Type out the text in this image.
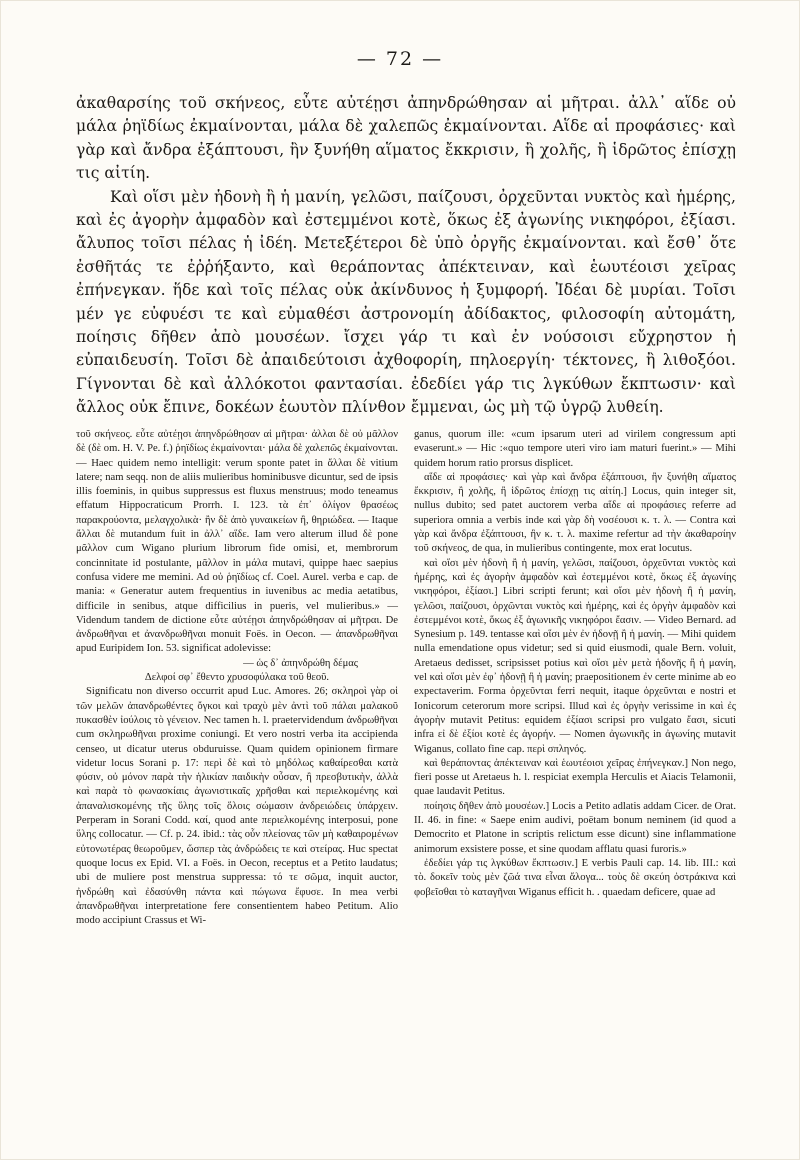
— 72 —

ἀκαθαρσίης τοῦ σκήνεος, εὖτε αὐτέῃσι ἀπηνδρώθησαν αἱ μῆτραι. ἀλλ᾽ αἵδε οὐ μάλα ῥηϊδίως ἐκμαίνονται, μάλα δὲ χαλεπῶς ἐκμαίνονται. Αἵδε αἱ προφάσιες· καὶ γὰρ καὶ ἄνδρα ἐξάπτουσι, ἢν ξυνήθη αἵματος ἔκκρισιν, ἢ χολῆς, ἢ ἱδρῶτος ἐπίσχῃ τις αἰτίη.

Καὶ οἵσι μὲν ἡδονὴ ἢ ἡ μανίη, γελῶσι, παίζουσι, ὀρχεῦνται νυκτὸς καὶ ἡμέρης, καὶ ἐς ἀγορὴν ἀμφαδὸν καὶ ἐστεμμένοι κοτὲ, ὅκως ἐξ ἀγωνίης νικηφόροι, ἐξίασι. ἄλυπος τοῖσι πέλας ἡ ἰδέη. Μετεξέτεροι δὲ ὑπὸ ὀργῆς ἐκμαίνονται. καὶ ἔσθ᾽ ὅτε ἐσθῆτάς τε ἐῤῥήξαντο, καὶ θεράποντας ἀπέκτειναν, καὶ ἑωυτέοισι χεῖρας ἐπήνεγκαν. ἥδε καὶ τοῖς πέλας οὐκ ἀκίνδυνος ἡ ξυμφορή. Ἰδέαι δὲ μυρίαι. Τοῖσι μέν γε εὐφυέσι τε καὶ εὐμαθέσι ἀστρονομίη ἀδίδακτος, φιλοσοφίη αὐτομάτη, ποίησις δῆθεν ἀπὸ μουσέων. ἴσχει γάρ τι καὶ ἐν νούσοισι εὔχρηστον ἡ εὐπαιδευσίη. Τοῖσι δὲ ἀπαιδεύτοισι ἀχθοφορίη, πηλοεργίη· τέκτονες, ἢ λιθοξόοι. Γίγνονται δὲ καὶ ἀλλόκοτοι φαντασίαι. ἐδεδίει γάρ τις λγκύθων ἔκπτωσιν· καὶ ἄλλος οὐκ ἔπινε, δοκέων ἑωυτὸν πλίνθον ἔμμεναι, ὡς μὴ τῷ ὑγρῷ λυθείη.

τοῦ σκήνεος. εὖτε αὐτέῃσι ἀπηνδρώθησαν αἱ μῆτραι· ἀλλαι δὲ οὐ μᾶλλον δὲ (δὲ om. H. V. Pe. f.) ῥηϊδίως ἐκμαίνονται· μάλα δὲ χαλεπῶς ἐκμαίνονται. — Haec quidem nemo intelligit: verum sponte patet in ἄλλαι δὲ vitium latere; nam seqq. non de aliis mulieribus hominibusve dicuntur, sed de ipsis illis foeminis, in quibus suppressus est fluxus menstruus; modo teneamus effatum Hippocraticum Prorrh. I. 123. τὰ ἐπ᾽ ὀλίγον θρασέως παρακρούοντα, μελαγχολικὰ· ἢν δὲ ἀπὸ γυναικείων ἢ, θηριώδεα. — Itaque ἄλλαι δὲ mutandum fuit in ἀλλ᾽ αἵδε. Iam vero alterum illud δὲ pone μᾶλλον cum Wigano plurium librorum fide omisi, et, membrorum concinnitate id postulante, μᾶλλον in μάλα mutavi, quippe haec saepius confusa videre me memini. Ad οὐ ῥηϊδίως cf. Coel. Aurel. verba e cap. de mania: « Generatur autem frequentius in iuvenibus ac media aetatibus, difficile in senibus, atque difficilius in pueris, vel mulieribus.» — Videndum tandem de dictione εὖτε αὐτέῃσι ἀπηνδρώθησαν αἱ μῆτραι. De ἀνδρωθῆναι et ἀνανδρωθῆναι monuit Foës. in Oecon. — ἀπανδρωθῆναι apud Euripidem Ion. 53. significat adolevisse:

— ὡς δ᾽ ἀπηνδρώθη δέμας

Δελφοί σφ᾽ ἔθεντο χρυσοφύλακα τοῦ θεοῦ.

Significatu non diverso occurrit apud Luc. Amores. 26; σκληροὶ γὰρ οἱ τῶν μελῶν ἀπανδρωθέντες ὄγκοι καὶ τραχὺ μὲν ἀντὶ τοῦ πάλαι μαλακοῦ πυκασθὲν ἰούλοις τὸ γένειον. Nec tamen h. l. praetervidendum ἀνδρωθῆναι cum σκληρωθῆναι proxime coniungi. Et vero nostri verba ita accipienda censeo, ut dicatur uterus obduruisse. Quam quidem opinionem firmare videtur locus Sorani p. 17: περὶ δὲ καὶ τὸ μηδόλως καθαίρεσθαι κατὰ φύσιν, οὐ μόνον παρὰ τὴν ἡλικίαν παιδικὴν οὖσαν, ἢ πρεσβυτικὴν, ἀλλὰ καὶ παρὰ τὸ φωνασκίαις ἀγωνιστικαῖς χρῆσθαι καὶ περιελκομένης καὶ ἀπαναλισκομένης τῆς ὕλης τοῖς ὅλοις σώμασιν ἀνδρειώδεις ὑπάρχειν. Perperam in Sorani Codd. καί, quod ante περιελκομένης interposui, pone ὕλης collocatur. — Cf. p. 24. ibid.: τὰς οὖν πλείονας τῶν μὴ καθαιρομένων εὐτονωτέρας θεωροῦμεν, ὥσπερ τὰς ἀνδρώδεις τε καὶ στείρας. Huc spectat quoque locus ex Epid. VI. a Foës. in Oecon, receptus et a Petito laudatus; ubi de muliere post menstrua suppressa: τό τε σῶμα, inquit auctor, ἠνδρώθη καὶ ἐδασύνθη πάντα καὶ πώγωνα ἔφυσε. In mea verbi ἀπανδρωθῆναι interpretatione fere consentientem habeo Petitum. Alio modo accipiunt Crassus et Wi-

ganus, quorum ille: «cum ipsarum uteri ad virilem congressum apti evaserunt.» — Hic :«quo tempore uteri viro iam maturi fuerint.» — Mihi quidem horum ratio prorsus displicet.

αἵδε αἱ προφάσιες· καὶ γὰρ καὶ ἄνδρα ἐξάπτουσι, ἢν ξυνήθη αἵματος ἔκκρισιν, ἢ χολῆς, ἢ ἱδρῶτος ἐπίσχῃ τις αἰτίη.] Locus, quin integer sit, nullus dubito; sed patet auctorem verba αἵδε αἱ προφάσιες referre ad superiora omnia a verbis inde καὶ γὰρ δὴ νοσέουσι κ. τ. λ. — Contra καὶ γὰρ καὶ ἄνδρα ἐξάπτουσι, ἢν κ. τ. λ. maxime refertur ad τὴν ἀκαθαρσίην τοῦ σκήνεος, de qua, in mulieribus contingente, mox erat locutus.

καὶ οἵσι μὲν ἡδονὴ ἢ ἡ μανίη, γελῶσι, παίζουσι, ὀρχεῦνται νυκτὸς καὶ ἡμέρης, καὶ ἐς ἀγορὴν ἀμφαδὸν καὶ ἐστεμμένοι κοτὲ, ὅκως ἐξ ἀγωνίης νικηφόροι, ἐξίασι.] Libri scripti ferunt; καὶ οἵσι μὲν ἡδονὴ ἢ ἡ μανίη, γελῶσι, παίζουσι, ὀρχῶνται νυκτὸς καὶ ἡμέρης, καὶ ἐς ὀργὴν ἀμφαδὸν καὶ ἐστεμμένοι κοτὲ, ὅκως ἐξ ἀγωνικῆς νικηφόροι ἔασιν. — Video Bernard. ad Synesium p. 149. tentasse καὶ οἵσι μὲν ἐν ἡδονῇ ἢ ἡ μανίη. — Mihi quidem nulla emendatione opus videtur; sed si quid eiusmodi, quale Bern. voluit, Aretaeus dedisset, scripsisset potius καὶ οἵσι μὲν μετὰ ἡδονῆς ἢ ἡ μανίη, vel καὶ οἵσι μὲν ἐφ᾽ ἡδονῇ ἢ ἡ μανίη; praepositionem ἐν certe minime ab eo expectaverim. Forma ὀρχεῦνται ferri nequit, itaque ὀρχεῦνται e nostri et Ionicorum ceterorum more scripsi. Illud καὶ ἐς ὀργὴν verissime in καὶ ἐς ἀγορὴν mutavit Petitus: equidem ἐξίασι scripsi pro vulgato ἔασι, sicuti infra εἰ δὲ ἐξίοι κοτὲ ἐς ἀγορήν. — Nomen ἀγωνικῆς in ἀγωνίης mutavit Wiganus, collato fine cap. περὶ σπληνός.

καὶ θεράποντας ἀπέκτειναν καὶ ἑωυτέοισι χεῖρας ἐπήνεγκαν.] Non nego, fieri posse ut Aretaeus h. l. respiciat exempla Herculis et Aiacis Telamonii, quae laudavit Petitus.

ποίησις δῆθεν ἀπὸ μουσέων.] Locis a Petito adlatis addam Cicer. de Orat. II. 46. in fine: « Saepe enim audivi, poëtam bonum neminem (id quod a Democrito et Platone in scriptis relictum esse dicunt) sine inflammatione animorum exsistere posse, et sine quodam afflatu quasi furoris.»

ἐδεδίει γάρ τις λγκύθων ἔκπτωσιν.] E verbis Pauli cap. 14. lib. III.: καὶ τὸ. δοκεῖν τοὺς μὲν ζῶά τινα εἶναι ἄλογα... τοὺς δὲ σκεύη ὀστράκινα καὶ φοβεῖσθαι τὸ καταγῆναι Wiganus efficit h. . quaedam deficere, quae ad
